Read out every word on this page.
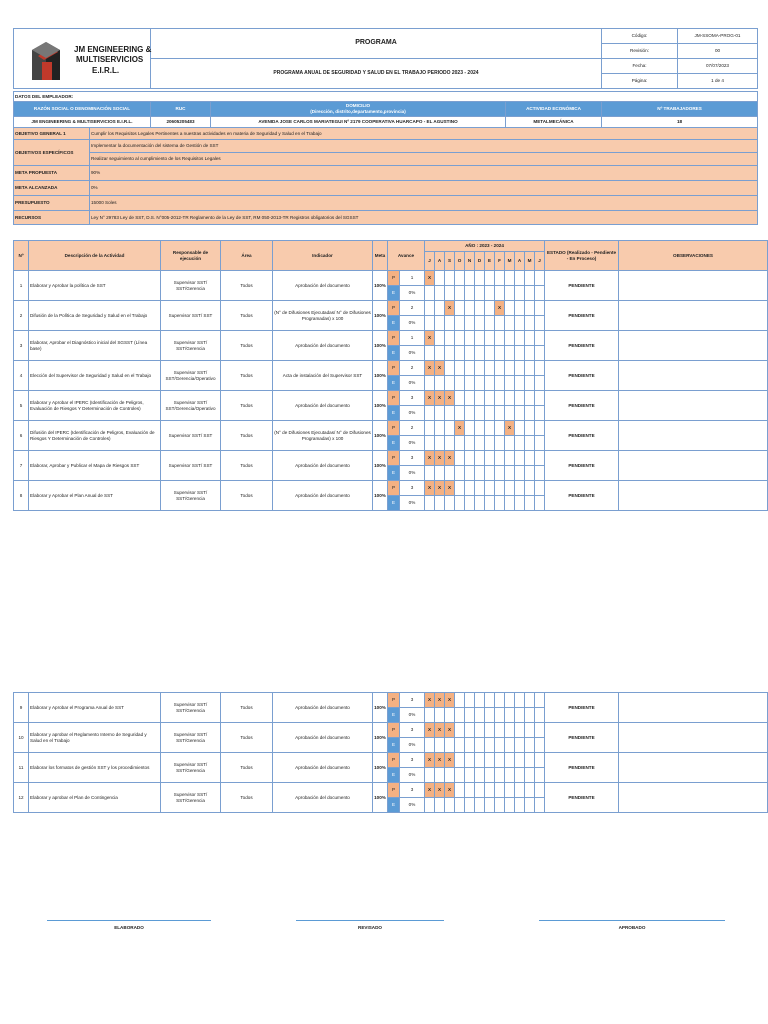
	PROGRAMA	Código:	JM-SSOMA-PROG-01
		Revisión:	00
	PROGRAMA ANUAL DE SEGURIDAD Y SALUD EN EL TRABAJO PERIODO 2023 - 2024	Fecha:	07/07/2023
		Página:	1 de 4
JM ENGINEERING &
MULTISERVICIOS
E.I.R.L.
DATOS DEL EMPLEADOR:					
RAZÓN SOCIAL O DENOMINACIÓN SOCIAL		RUC	DOMICILIO
(Dirección, distrito,departamento,provincia)	ACTIVIDAD ECONÓMICA	Nº TRABAJADORES
JM ENGINEERING & MULTISERVICIOS E.I.R.L.		20605205483	AVENIDA JOSE CARLOS MARIATEGUI Nº 2179 COOPERATIVA HUARCAPO - EL AGUSTINO	METALMECÁNICA	18
OBJETIVO GENERAL 1	Cumplir los Requisitos Legales Pertinentes a nuestras actividades en materia de Seguridad y Salud en el Trabajo				
OBJETIVOS ESPECÍFICOS	Implementar la documentación del sistema de Gestión de SST				
	Realizar seguimiento al cumplimiento de los Requisitos Legales				
META PROPUESTA	90%				
META ALCANZADA	0%				
PRESUPUESTO	15000 Soles				
RECURSOS	Ley N° 29783 Ley de SST, D.S. N°005-2012-TR Reglamento de la Ley de SST, RM 050-2013-TR Registros obligatorios del SGSST				
Nº	Descripción de la Actividad	Responsable de ejecución	Área	Indicador	Meta	Avance		AÑO : 2023 - 2024												ESTADO (Realizado - Pendiente - En Proceso)	OBSERVACIONES
								J	A	S	O	N	D	E	F	M	A	M	J		
1	Elaborar y Aprobar la política de SST	Supervisor SST/ SST/Gerencia	Todos	Aprobación del documento	100%	P	1	X												PENDIENTE	
						E	0%														
2	Difusión de la Política de Seguridad y Salud en el Trabajo	Supervisor SST/ SST	Todos	(N° de Difusiones Ejecutadas/ N° de Difusiones Programadas) x 100	100%	P	2			X					X					PENDIENTE	
						E	0%														
3	Elaborar, Aprobar el Diagnóstico inicial del SGSST (Línea base)	Supervisor SST/ SST/Gerencia	Todos	Aprobación del documento	100%	P	1	X												PENDIENTE	
						E	0%														
4	Elección del Supervisor de Seguridad y Salud en el Trabajo	Supervisor SST/ SST/Gerencia/Operativo	Todos	Acta de instalación del Supervisor SST	100%	P	2	X	X											PENDIENTE	
						E	0%														
5	Elaborar y Aprobar el IPERC (Identificación de Peligros, Evaluación de Riesgos Y Determinación de Controles)	Supervisor SST/ SST/Gerencia/Operativo	Todos	Aprobación del documento	100%	P	3	X	X	X										PENDIENTE	
						E	0%														
6	Difusión del IPERC (Identificación de Peligros, Evaluación de Riesgos Y Determinación de Controles)	Supervisor SST/ SST	Todos	(N° de Difusiones Ejecutadas/ N° de Difusiones Programadas) x 100	100%	P	2				X					X				PENDIENTE	
						E	0%														
7	Elaborar, Aprobar y Publicar el Mapa de Riesgos SST	Supervisor SST/ SST	Todos	Aprobación del documento	100%	P	3	X	X	X										PENDIENTE	
						E	0%														
8	Elaborar y Aprobar el Plan Anual de SST	Supervisor SST/ SST/Gerencia	Todos	Aprobación del documento	100%	P	3	X	X	X										PENDIENTE	
						E	0%														
9	Elaborar y Aprobar el Programa Anual de SST	Supervisor SST/ SST/Gerencia	Todos	Aprobación del documento	100%	P	3	X	X	X										PENDIENTE	
						E	0%														
10	Elaborar y aprobar el Reglamento Interno de Seguridad y Salud en el Trabajo	Supervisor SST/ SST/Gerencia	Todos	Aprobación del documento	100%	P	3	X	X	X										PENDIENTE	
						E	0%														
11	Elaborar los formatos de gestión SST y los procedimientos	Supervisor SST/ SST/Gerencia	Todos	Aprobación del documento	100%	P	3	X	X	X										PENDIENTE	
						E	0%														
12	Elaborar y aprobar el Plan de Contingencia	Supervisor SST/ SST/Gerencia	Todos	Aprobación del documento	100%	P	3	X	X	X										PENDIENTE	
						E	0%														
ELABORADO	REVISADO	APROBADO
